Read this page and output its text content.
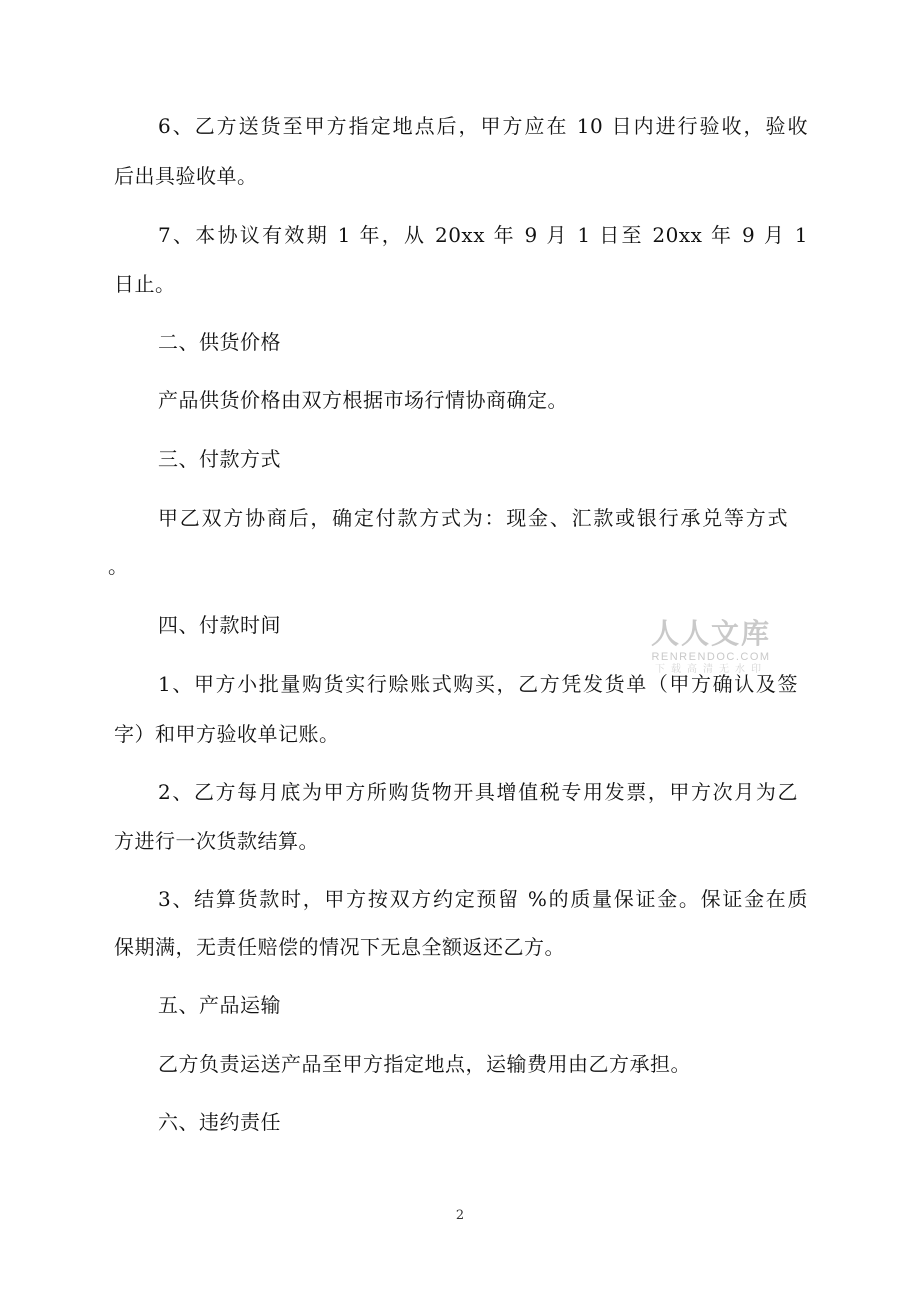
6、乙方送货至甲方指定地点后，甲方应在 10 日内进行验收，验收
后出具验收单。
7、本协议有效期 1 年，从 20xx 年 9 月 1 日至 20xx 年 9 月 1
日止。
二、供货价格
产品供货价格由双方根据市场行情协商确定。
三、付款方式
甲乙双方协商后，确定付款方式为：现金、汇款或银行承兑等方式
。
四、付款时间
1、甲方小批量购货实行赊账式购买，乙方凭发货单（甲方确认及签
字）和甲方验收单记账。
2、乙方每月底为甲方所购货物开具增值税专用发票，甲方次月为乙
方进行一次货款结算。
3、结算货款时，甲方按双方约定预留 %的质量保证金。保证金在质
保期满，无责任赔偿的情况下无息全额返还乙方。
五、产品运输
乙方负责运送产品至甲方指定地点，运输费用由乙方承担。
六、违约责任
2
人人文库
RENRENDOC.COM
下载高清无水印
